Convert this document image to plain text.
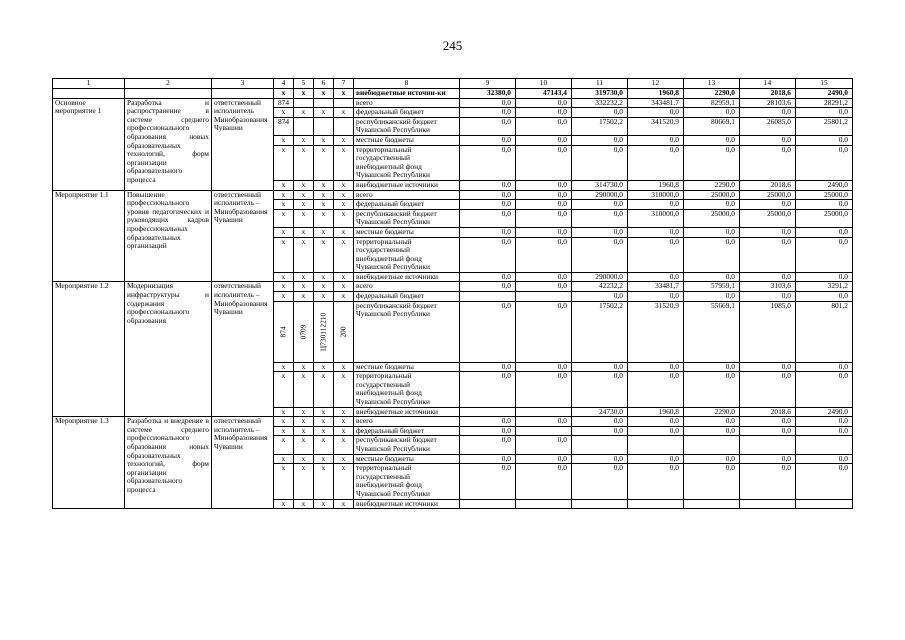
245
1	2	3	4	5	6	7	8	9	10	11	12	13	14	15
			х	х	х	х	внебюджетные источни-ки	32380,0	47143,4	319730,0	1960,8	2290,0	2018,6	2490,0
Основное мероприятие 1	Разработка и распространение в системе среднего профессионального образования новых образовательных технологий, форм организации образовательного процесса	ответственный исполнитель Минобразования Чувашии	874				всего	0,0	0,0	332232,2	343481,7	82959,1	28103,6	28291,2
			х	х	х	х	федеральный бюджет	0,0	0,0	0,0	0,0	0,0	0,0	0,0
			874				республиканский бюджет Чувашской Республики	0,0	0,0	17502,2	341520,9	80669,1	26085,0	25801,2
			х	х	х	х	местные бюджеты	0,0	0,0	0,0	0,0	0,0	0,0	0,0
			х	х	х	х	территориальный государственный внебюджетный фонд Чувашской Республики	0,0	0,0	0,0	0,0	0,0	0,0	0,0
			х	х	х	х	внебюджетные источники	0,0	0,0	314730,0	1960,8	2290,0	2018,6	2490,0
Мероприятие 1.1	Повышение профессионального уровня педагогических и руководящих кадров профессиональных образовательных организаций	ответственный исполнитель – Минобразования Чувашии	х	х	х	х	всего	0,0	0,0	290000,0	310000,0	25000,0	25000,0	25000,0
			х	х	х	х	федеральный бюджет	0,0	0,0	0,0	0,0	0,0	0,0	0,0
			х	х	х	х	республиканский бюджет Чувашской Республики	0,0	0,0	0,0	310000,0	25000,0	25000,0	25000,0
			х	х	х	х	местные бюджеты	0,0	0,0	0,0	0,0	0,0	0,0	0,0
			х	х	х	х	территориальный государственный внебюджетный фонд Чувашской Республики	0,0	0,0	0,0	0,0	0,0	0,0	0,0
			х	х	х	х	внебюджетные источники	0,0	0,0	290000,0	0,0	0,0	0,0	0,0
Мероприятие 1.2	Модернизация инфраструктуры и содержания профессионального образования	ответственный исполнитель – Минобразования Чувашии	х	х	х	х	всего	0,0	0,0	42232,2	33481,7	57959,1	3103,6	3291,2
			х	х	х	х	федеральный бюджет			0,0	0,0	0,0	0,0	0,0

			874	0709	Ц730112210	200	республиканский бюджет Чувашской Республики	0,0	0,0	17502,2	31520,9	55669,1	1085,0	801,2
			х	х	х	х	местные бюджеты	0,0	0,0	0,0	0,0	0,0	0,0	0,0
			х	х	х	х	территориальный государственный внебюджетный фонд Чувашской Республики	0,0	0,0	0,0	0,0	0,0	0,0	0,0
			х	х	х	х	внебюджетные источники			24730,0	1960,8	2290,0	2018,6	2490,0
Мероприятие 1.3	Разработка и внедрение в системе среднего профессионального образования новых образовательных технологий, форм организации образовательного процесса	ответственный исполнитель – Минобразования Чувашии	х	х	х	х	всего	0,0	0,0	0,0	0,0	0,0	0,0	0,0
			х	х	х	х	федеральный бюджет	0,0		0,0	0,0	0,0	0,0	0,0
			х	х	х	х	республиканский бюджет Чувашской Республики	0,0	0,0					
			х	х	х	х	местные бюджеты	0,0	0,0	0,0	0,0	0,0	0,0	0,0
			х	х	х	х	территориальный государственный внебюджетный фонд Чувашской Республики	0,0	0,0	0,0	0,0	0,0	0,0	0,0
			х	х	х	х	внебюджетные источники							
